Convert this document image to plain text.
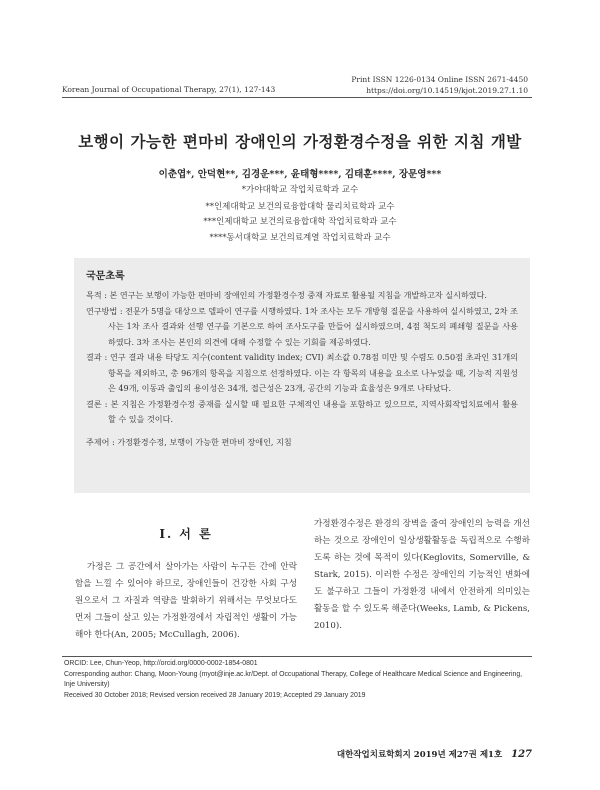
Print ISSN 1226-0134 Online ISSN 2671-4450
https://doi.org/10.14519/kjot.2019.27.1.10
Korean Journal of Occupational Therapy, 27(1), 127-143
보행이 가능한 편마비 장애인의 가정환경수정을 위한 지침 개발
이춘엽*, 안덕현**, 김경운***, 윤태형****, 김태훈****, 장문영***
*가야대학교 작업치료학과 교수
**인제대학교 보건의료융합대학 물리치료학과 교수
***인제대학교 보건의료융합대학 작업치료학과 교수
****동서대학교 보건의료계열 작업치료학과 교수
국문초록
목적 : 본 연구는 보행이 가능한 편마비 장애인의 가정환경수정 중재 자료로 활용될 지침을 개발하고자 실시하였다.
연구방법 : 전문가 5명을 대상으로 델파이 연구를 시행하였다. 1차 조사는 모두 개방형 질문을 사용하여 실시하였고, 2차 조사는 1차 조사 결과와 선행 연구를 기본으로 하여 조사도구를 만들어 실시하였으며, 4점 척도의 폐쇄형 질문을 사용하였다. 3차 조사는 본인의 의견에 대해 수정할 수 있는 기회를 제공하였다.
결과 : 연구 결과 내용 타당도 지수(content validity index; CVI) 최소값 0.78점 미만 및 수렴도 0.50점 초과인 31개의 항목을 제외하고, 총 96개의 항목을 지침으로 선정하였다. 이는 각 항목의 내용을 요소로 나누었을 때, 기능적 지원성은 49개, 이동과 출입의 용이성은 34개, 접근성은 23개, 공간의 기능과 효율성은 9개로 나타났다.
결론 : 본 지침은 가정환경수정 중재를 실시할 때 필요한 구체적인 내용을 포함하고 있으므로, 지역사회작업치료에서 활용할 수 있을 것이다.
주제어 : 가정환경수정, 보행이 가능한 편마비 장애인, 지침
Ⅰ. 서 론
가정은 그 공간에서 살아가는 사람이 누구든 간에 안락함을 느낄 수 있어야 하므로, 장애인들이 건강한 사회 구성원으로서 그 자질과 역량을 발휘하기 위해서는 무엇보다도 먼저 그들이 살고 있는 가정환경에서 자립적인 생활이 가능해야 한다(An, 2005; McCullagh, 2006).
가정환경수정은 환경의 장벽을 줄여 장애인의 능력을 개선하는 것으로 장애인이 일상생활활동을 독립적으로 수행하도록 하는 것에 목적이 있다(Keglovits, Somerville, & Stark, 2015). 이러한 수정은 장애인의 기능적인 변화에도 불구하고 그들이 가정환경 내에서 안전하게 의미있는 활동을 할 수 있도록 해준다(Weeks, Lamb, & Pickens, 2010).
ORCID: Lee, Chun-Yeop, http://orcid.org/0000-0002-1854-0801
Corresponding author: Chang, Moon-Young (myot@inje.ac.kr/Dept. of Occupational Therapy, College of Healthcare Medical Science and Engineering, Inje University)
Received 30 October 2018; Revised version received 28 January 2019; Accepted 29 January 2019
대한작업치료학회지 2019년 제27권 제1호 127
